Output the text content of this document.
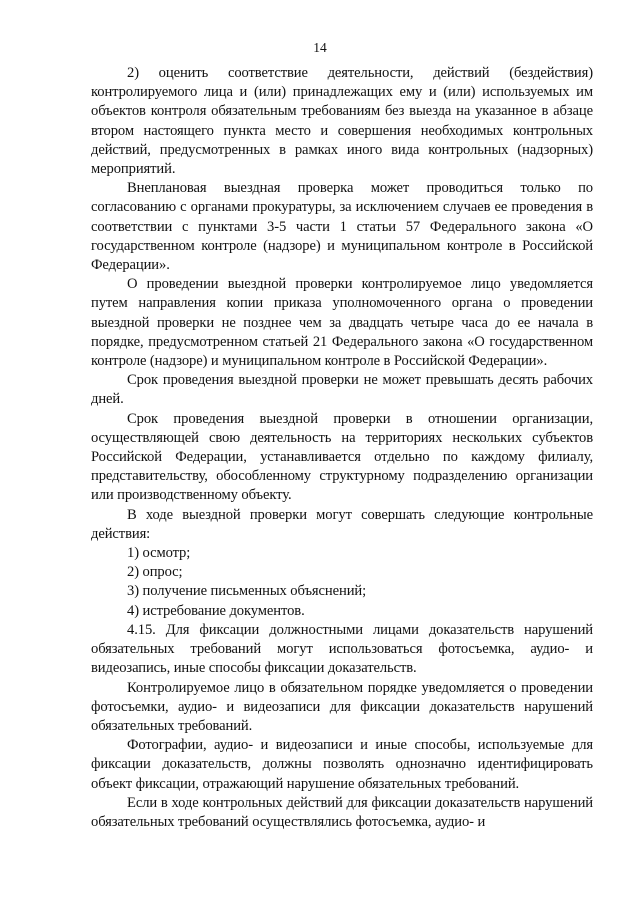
14

2) оценить соответствие деятельности, действий (бездействия) контролируемого лица и (или) принадлежащих ему и (или) используемых им объектов контроля обязательным требованиям без выезда на указанное в абзаце втором настоящего пункта место и совершения необходимых контрольных действий, предусмотренных в рамках иного вида контрольных (надзорных) мероприятий.

Внеплановая выездная проверка может проводиться только по согласованию с органами прокуратуры, за исключением случаев ее проведения в соответствии с пунктами 3-5 части 1 статьи 57 Федерального закона «О государственном контроле (надзоре) и муниципальном контроле в Российской Федерации».

О проведении выездной проверки контролируемое лицо уведомляется путем направления копии приказа уполномоченного органа о проведении выездной проверки не позднее чем за двадцать четыре часа до ее начала в порядке, предусмотренном статьей 21 Федерального закона «О государственном контроле (надзоре) и муниципальном контроле в Российской Федерации».

Срок проведения выездной проверки не может превышать десять рабочих дней.

Срок проведения выездной проверки в отношении организации, осуществляющей свою деятельность на территориях нескольких субъектов Российской Федерации, устанавливается отдельно по каждому филиалу, представительству, обособленному структурному подразделению организации или производственному объекту.

В ходе выездной проверки могут совершать следующие контрольные действия:

1) осмотр;

2) опрос;

3) получение письменных объяснений;

4) истребование документов.

4.15. Для фиксации должностными лицами доказательств нарушений обязательных требований могут использоваться фотосъемка, аудио- и видеозапись, иные способы фиксации доказательств.

Контролируемое лицо в обязательном порядке уведомляется о проведении фотосъемки, аудио- и видеозаписи для фиксации доказательств нарушений обязательных требований.

Фотографии, аудио- и видеозаписи и иные способы, используемые для фиксации доказательств, должны позволять однозначно идентифицировать объект фиксации, отражающий нарушение обязательных требований.

Если в ходе контрольных действий для фиксации доказательств нарушений обязательных требований осуществлялись фотосъемка, аудио- и
